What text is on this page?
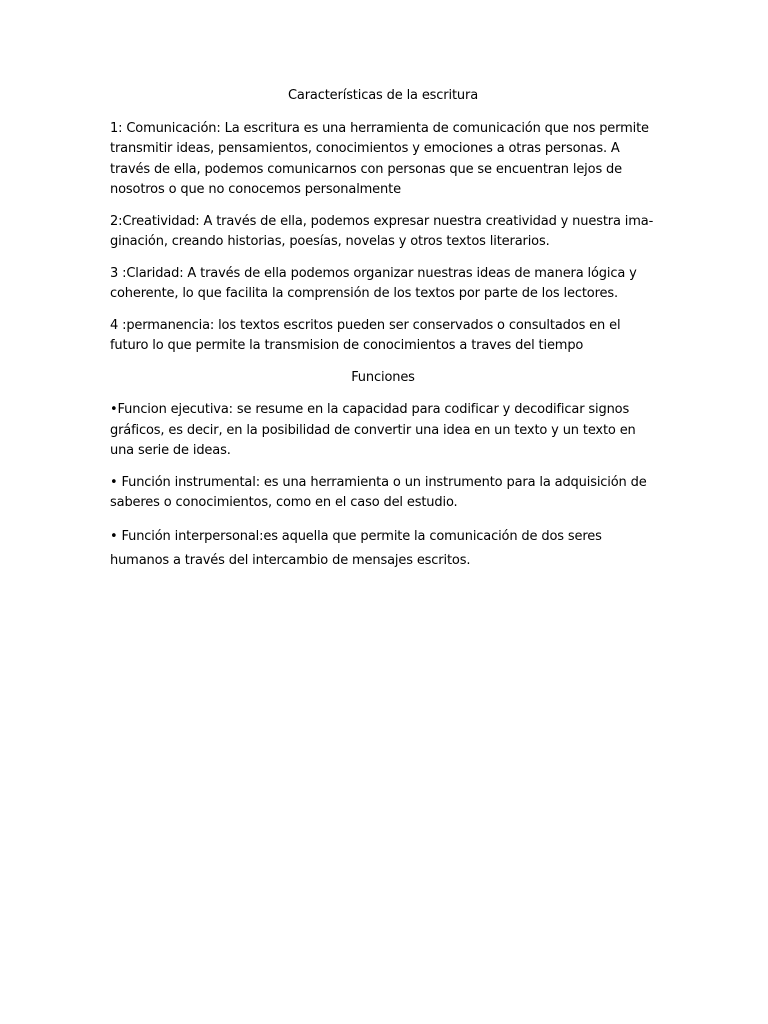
Características de la escritura

1: Comunicación: La escritura es una herramienta de comunicación que nos permite transmitir ideas, pensamientos, conocimientos y emociones a otras personas. A través de ella, podemos comunicarnos con personas que se encuentran lejos de nosotros o que no conocemos personalmente

2:Creatividad: A través de ella, podemos expresar nuestra creatividad y nuestra ima-ginación, creando historias, poesías, novelas y otros textos literarios.

3 :Claridad: A través de ella podemos organizar nuestras ideas de manera lógica y coherente, lo que facilita la comprensión de los textos por parte de los lectores.

4 :permanencia: los textos escritos pueden ser conservados o consultados en el futuro lo que permite la transmision de conocimientos a traves del tiempo

Funciones

•Funcion ejecutiva: se resume en la capacidad para codificar y decodificar signos gráficos, es decir, en la posibilidad de convertir una idea en un texto y un texto en una serie de ideas.

• Función instrumental: es una herramienta o un instrumento para la adquisición de saberes o conocimientos, como en el caso del estudio.

• Función interpersonal:es aquella que permite la comunicación de dos seres humanos a través del intercambio de mensajes escritos.
